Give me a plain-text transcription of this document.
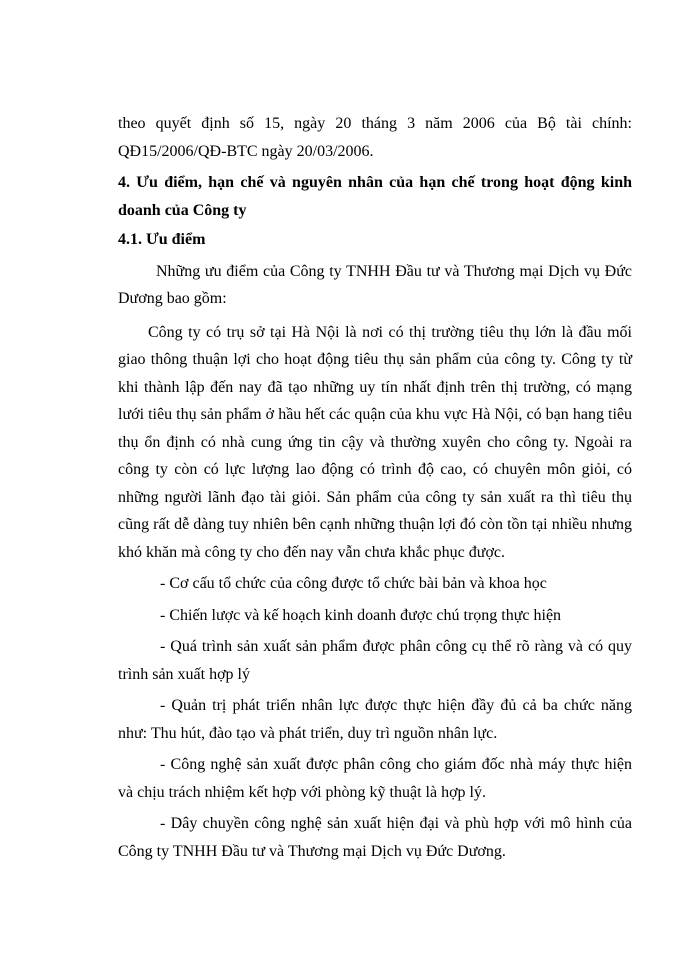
theo quyết định số 15, ngày 20 tháng 3 năm 2006 của Bộ tài chính: QĐ15/2006/QĐ-BTC ngày 20/03/2006.

4. Ưu điểm, hạn chế và nguyên nhân của hạn chế trong hoạt động kinh doanh của Công ty

4.1. Ưu điểm

Những ưu điểm của Công ty TNHH Đầu tư và Thương mại Dịch vụ Đức Dương bao gồm:

Công ty có trụ sở tại Hà Nội là nơi có thị trường tiêu thụ lớn là đầu mối giao thông thuận lợi cho hoạt động tiêu thụ sản phẩm của công ty. Công ty từ khi thành lập đến nay đã tạo những uy tín nhất định trên thị trường, có mạng lưới tiêu thụ sản phẩm ở hầu hết các quận của khu vực Hà Nội, có bạn hang tiêu thụ ổn định có nhà cung ứng tin cậy và thường xuyên cho công ty. Ngoài ra công ty còn có lực lượng lao động có trình độ cao, có chuyên môn giỏi, có những người lãnh đạo tài giỏi. Sản phẩm của công ty sản xuất ra thì tiêu thụ cũng rất dễ dàng tuy nhiên bên cạnh những thuận lợi đó còn tồn tại nhiều nhưng khó khăn mà công ty cho đến nay vẫn chưa khắc phục được.

- Cơ cấu tổ chức của công được tổ chức bài bản và khoa học

- Chiến lược và kế hoạch kinh doanh được chú trọng thực hiện

- Quá trình sản xuất sản phẩm được phân công cụ thể rõ ràng và có quy trình sản xuất hợp lý

- Quản trị phát triển nhân lực được thực hiện đầy đủ cả ba chức năng như: Thu hút, đào tạo và phát triển, duy trì nguồn nhân lực.

- Công nghệ sản xuất được phân công cho giám đốc nhà máy thực hiện và chịu trách nhiệm kết hợp với phòng kỹ thuật là hợp lý.

- Dây chuyền công nghệ sản xuất hiện đại và phù hợp với mô hình của Công ty TNHH Đầu tư và Thương mại Dịch vụ Đức Dương.
